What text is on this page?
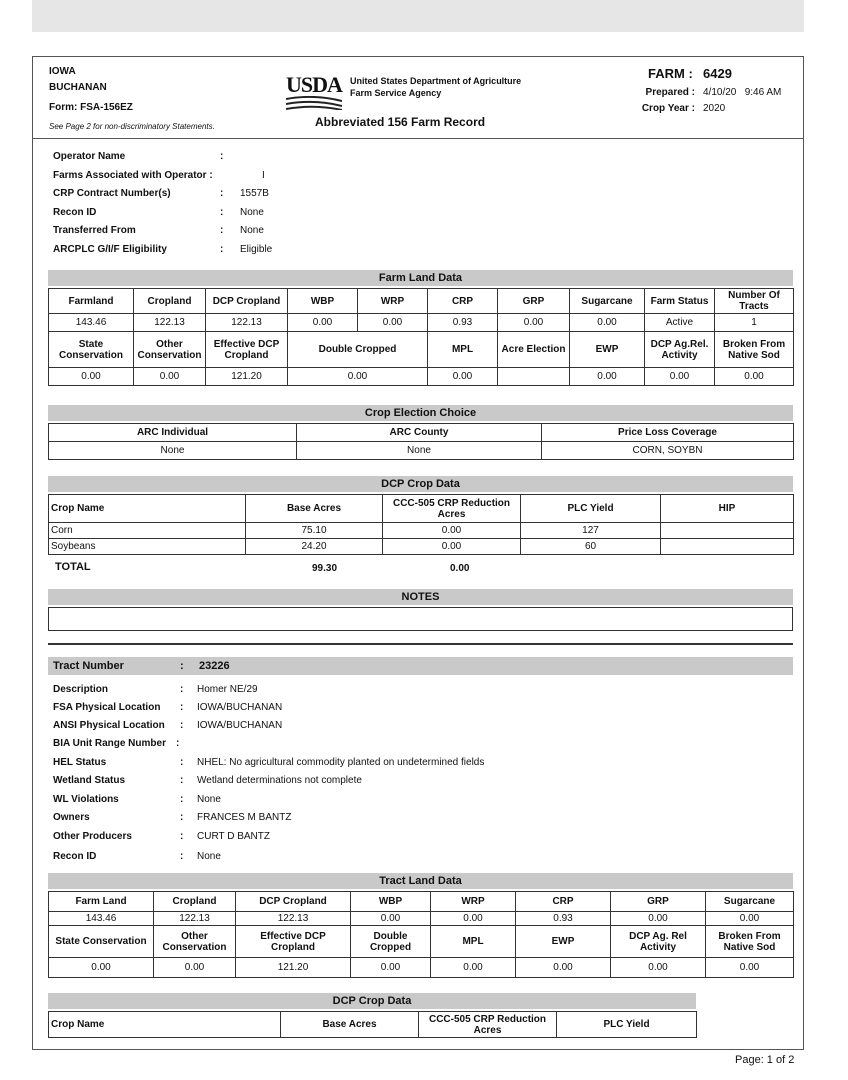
IOWA
BUCHANAN
Form: FSA-156EZ
See Page 2 for non-discriminatory Statements.
USDA United States Department of Agriculture
Farm Service Agency
Abbreviated 156 Farm Record
FARM : 6429
Prepared : 4/10/20   9:46 AM
Crop Year : 2020
Operator Name	:
Farms Associated with Operator :	I
CRP Contract Number(s)	: 1557B
Recon ID	: None
Transferred From	: None
ARCPLC G/I/F Eligibility	: Eligible
Farm Land Data
Farmland	Cropland	DCP Cropland	WBP	WRP	CRP	GRP	Sugarcane	Farm Status	Number Of Tracts
143.46	122.13	122.13	0.00	0.00	0.93	0.00	0.00	Active	1
State Conservation	Other Conservation	Effective DCP Cropland	Double Cropped		MPL	Acre Election	EWP	DCP Ag.Rel. Activity	Broken From Native Sod
0.00	0.00	121.20	0.00		0.00		0.00	0.00	0.00
Crop Election Choice
ARC Individual	ARC County	Price Loss Coverage
None	None	CORN, SOYBN
DCP Crop Data
Crop Name	Base Acres	CCC-505 CRP Reduction Acres	PLC Yield	HIP
Corn	75.10	0.00	127	
Soybeans	24.20	0.00	60	
TOTAL	99.30	0.00
NOTES
Tract Number	: 23226
Description	: Homer NE/29
FSA Physical Location : IOWA/BUCHANAN
ANSI Physical Location : IOWA/BUCHANAN
BIA Unit Range Number :
HEL Status	: NHEL: No agricultural commodity planted on undetermined fields
Wetland Status	: Wetland determinations not complete
WL Violations	: None
Owners	: FRANCES M BANTZ
Other Producers	: CURT D BANTZ
Recon ID	: None
Tract Land Data
Farm Land	Cropland	DCP Cropland	WBP	WRP	CRP	GRP	Sugarcane
143.46	122.13	122.13	0.00	0.00	0.93	0.00	0.00
State Conservation	Other Conservation	Effective DCP Cropland	Double Cropped	MPL	EWP	DCP Ag. Rel Activity	Broken From Native Sod
0.00	0.00	121.20	0.00	0.00	0.00	0.00	0.00
DCP Crop Data
Crop Name	Base Acres	CCC-505 CRP Reduction Acres	PLC Yield
Page: 1 of 2
